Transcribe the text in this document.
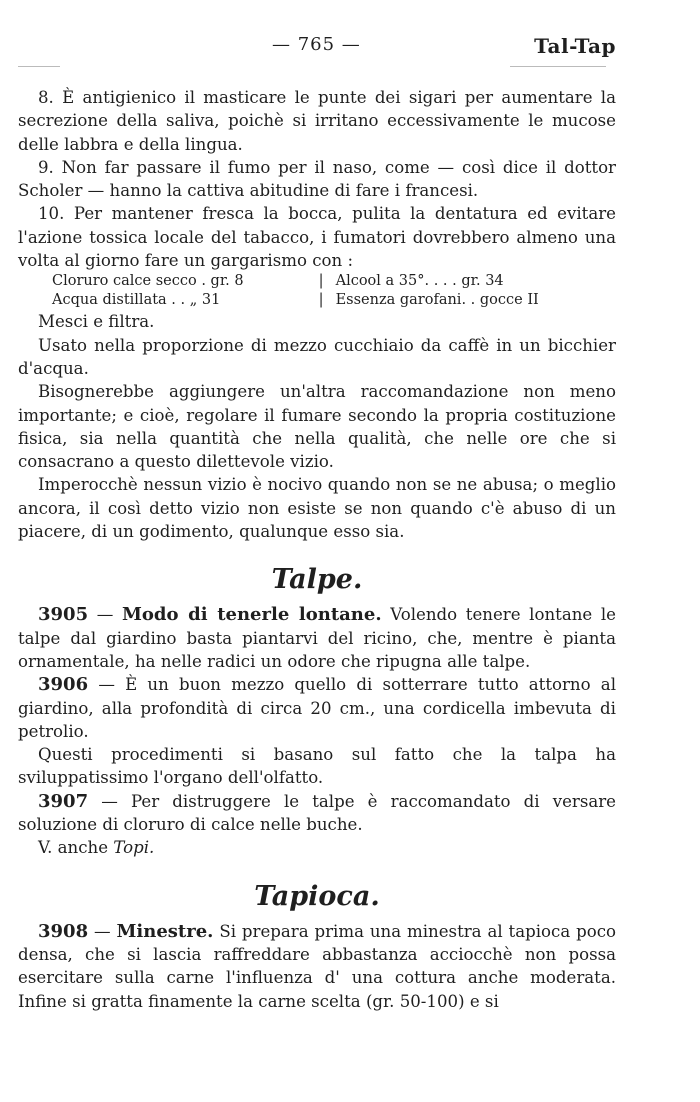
— 765 —	Tal-Tap

8. È antigienico il masticare le punte dei sigari per aumentare la secrezione della saliva, poichè si irritano eccessivamente le mucose delle labbra e della lingua.

9. Non far passare il fumo per il naso, come — così dice il dottor Scholer — hanno la cattiva abitudine di fare i francesi.

10. Per mantener fresca la bocca, pulita la dentatura ed evitare l'azione tossica locale del tabacco, i fumatori dovrebbero almeno una volta al giorno fare un gargarismo con :

Cloruro calce secco . gr. 8	|	Alcool a 35°. . . . gr. 34
Acqua distillata . . „ 31	|	Essenza garofani. . gocce II

Mesci e filtra.

Usato nella proporzione di mezzo cucchiaio da caffè in un bicchier d'acqua.

Bisognerebbe aggiungere un'altra raccomandazione non meno importante; e cioè, regolare il fumare secondo la propria costituzione fisica, sia nella quantità che nella qualità, che nelle ore che si consacrano a questo dilettevole vizio.

Imperocchè nessun vizio è nocivo quando non se ne abusa; o meglio ancora, il così detto vizio non esiste se non quando c'è abuso di un piacere, di un godimento, qualunque esso sia.

Talpe.

3905 — Modo di tenerle lontane. Volendo tenere lontane le talpe dal giardino basta piantarvi del ricino, che, mentre è pianta ornamentale, ha nelle radici un odore che ripugna alle talpe.

3906 — È un buon mezzo quello di sotterrare tutto attorno al giardino, alla profondità di circa 20 cm., una cordicella imbevuta di petrolio.

Questi procedimenti si basano sul fatto che la talpa ha sviluppatissimo l'organo dell'olfatto.

3907 — Per distruggere le talpe è raccomandato di versare soluzione di cloruro di calce nelle buche.

V. anche Topi.

Tapioca.

3908 — Minestre. Si prepara prima una minestra al tapioca poco densa, che si lascia raffreddare abbastanza acciocchè non possa esercitare sulla carne l'influenza d' una cottura anche moderata. Infine si gratta finamente la carne scelta (gr. 50-100) e si
